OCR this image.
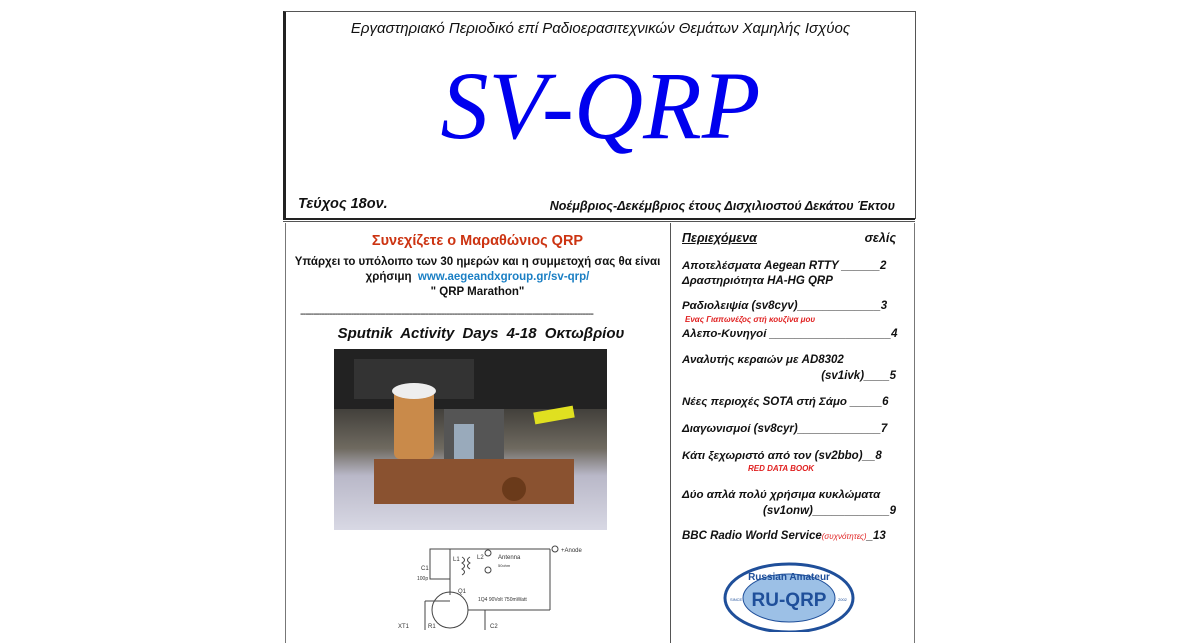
Εργαστηριακό Περιοδικό επί Ραδιοερασιτεχνικών Θεμάτων Χαμηλής Ισχύος
SV-QRP
Τεύχος 18ον.	Νοέμβριος-Δεκέμβριος έτους Δισχιλιοστού Δεκάτου Έκτου
Συνεχίζετε ο Μαραθώνιος QRP
Υπάρχει το υπόλοιπο των 30 ημερών και η συμμετοχή σας θα είναι χρήσιμη www.aegeandxgroup.gr/sv-qrp/
" QRP Marathon"
--------------------------------------------------------------------------------------------------------------
Sputnik Activity Days 4-18 Οκτωβρίου
+Anode
Antenna
50ohm
C1
100p
L1	L2
Q1
1Q4 90Volt 750mWatt
XT1	R1	C2
Περιεχόμενα	σελίς
Αποτελέσματα Aegean RTTY ______2
Δραστηριότητα HA-HG QRP
Ραδιολειψία (sv8cyv)_____________3
Ενας Γιαπωνέζος στή κουζίνα μου
Αλεπο-Κυνηγοί ___________________4
Αναλυτής κεραιών με AD8302
(sv1ivk)____5
Νέες περιοχές SOTA στή Σάμο _____6
Διαγωνισμοί (sv8cyr)_____________7
Κάτι ξεχωριστό από τον (sv2bbo)__8
RED DATA BOOK
Δύο απλά πολύ χρήσιμα κυκλώματα
(sv1onw)____________9
BBC Radio World Service(συχνότητες)_13
Russian Amateur
RU-QRP
SINCE	2002
